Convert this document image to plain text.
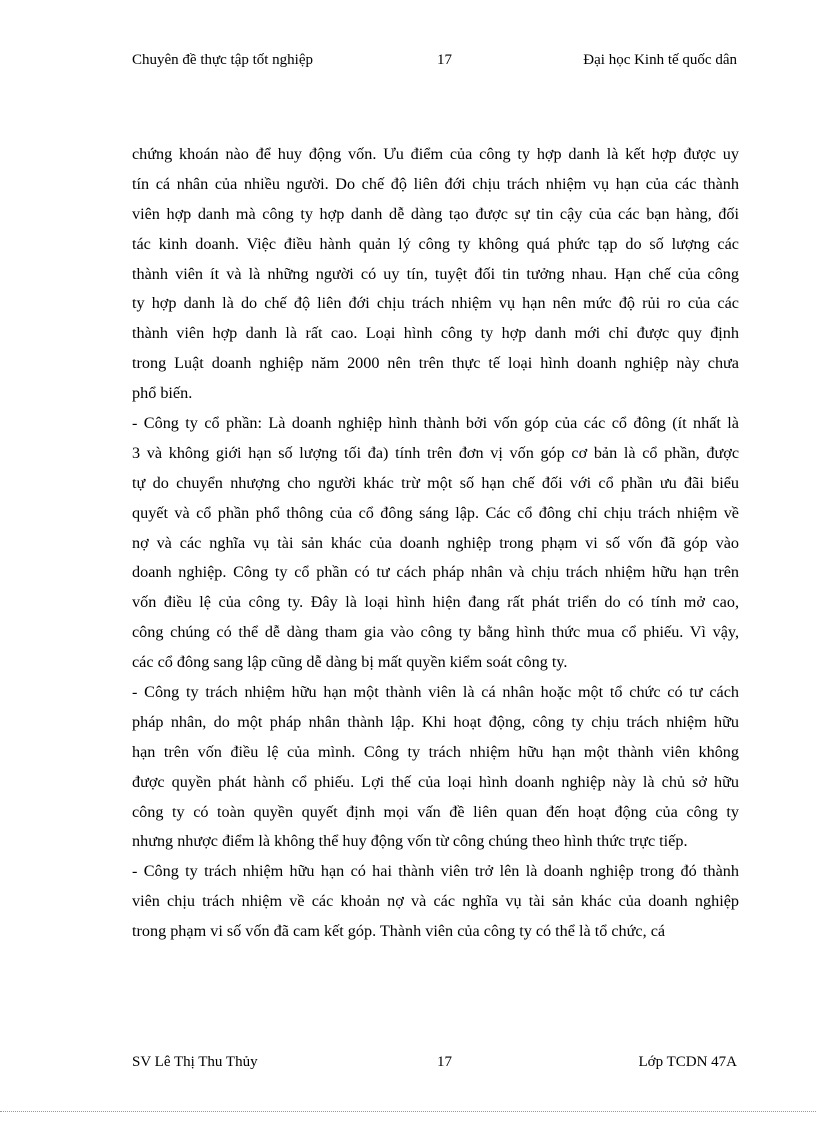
Chuyên đề thực tập tốt nghiệp	17	Đại học Kinh tế quốc dân
chứng khoán nào để huy động vốn. Ưu điểm của công ty hợp danh là kết hợp được uy
tín cá nhân của nhiều người. Do chế độ liên đới chịu trách nhiệm vụ hạn của các thành
viên hợp danh mà công ty hợp danh dễ dàng tạo được sự tin cậy của các bạn hàng, đối
tác kinh doanh. Việc điều hành quản lý công ty không quá phức tạp do số lượng các
thành viên ít và là những người có uy tín, tuyệt đối tin tưởng nhau. Hạn chế của công
ty hợp danh là do chế độ liên đới chịu trách nhiệm vụ hạn nên mức độ rủi ro của các
thành viên hợp danh là rất cao. Loại hình công ty hợp danh mới chỉ được quy định
trong Luật doanh nghiệp năm 2000 nên trên thực tế loại hình doanh nghiệp này chưa
phổ biến.
- Công ty cổ phần: Là doanh nghiệp hình thành bởi vốn góp của các cổ đông (ít nhất là
3 và không giới hạn số lượng tối đa) tính trên đơn vị vốn góp cơ bản là cổ phần, được
tự do chuyển nhượng cho người khác trừ một số hạn chế đối với cổ phần ưu đãi biểu
quyết và cổ phần phổ thông của cổ đông sáng lập. Các cổ đông chỉ chịu trách nhiệm về
nợ và các nghĩa vụ tài sản khác của doanh nghiệp trong phạm vi số vốn đã góp vào
doanh nghiệp. Công ty cổ phần có tư cách pháp nhân và chịu trách nhiệm hữu hạn trên
vốn điều lệ của công ty. Đây là loại hình hiện đang rất phát triển do có tính mở cao,
công chúng có thể dễ dàng tham gia vào công ty bằng hình thức mua cổ phiếu. Vì vậy,
các cổ đông sang lập cũng dễ dàng bị mất quyền kiểm soát công ty.
- Công ty trách nhiệm hữu hạn một thành viên là cá nhân hoặc một tổ chức có tư cách
pháp nhân, do một pháp nhân thành lập. Khi hoạt động, công ty chịu trách nhiệm hữu
hạn trên vốn điều lệ của mình. Công ty trách nhiệm hữu hạn một thành viên không
được quyền phát hành cổ phiếu. Lợi thế của loại hình doanh nghiệp này là chủ sở hữu
công ty có toàn quyền quyết định mọi vấn đề liên quan đến hoạt động của công ty
nhưng nhược điểm là không thể huy động vốn từ công chúng theo hình thức trực tiếp.
- Công ty trách nhiệm hữu hạn có hai thành viên trở lên là doanh nghiệp trong đó thành
viên chịu trách nhiệm về các khoản nợ và các nghĩa vụ tài sản khác của doanh nghiệp
trong phạm vi số vốn đã cam kết góp. Thành viên của công ty có thể là tổ chức, cá
SV Lê Thị Thu Thủy	17	Lớp TCDN 47A
